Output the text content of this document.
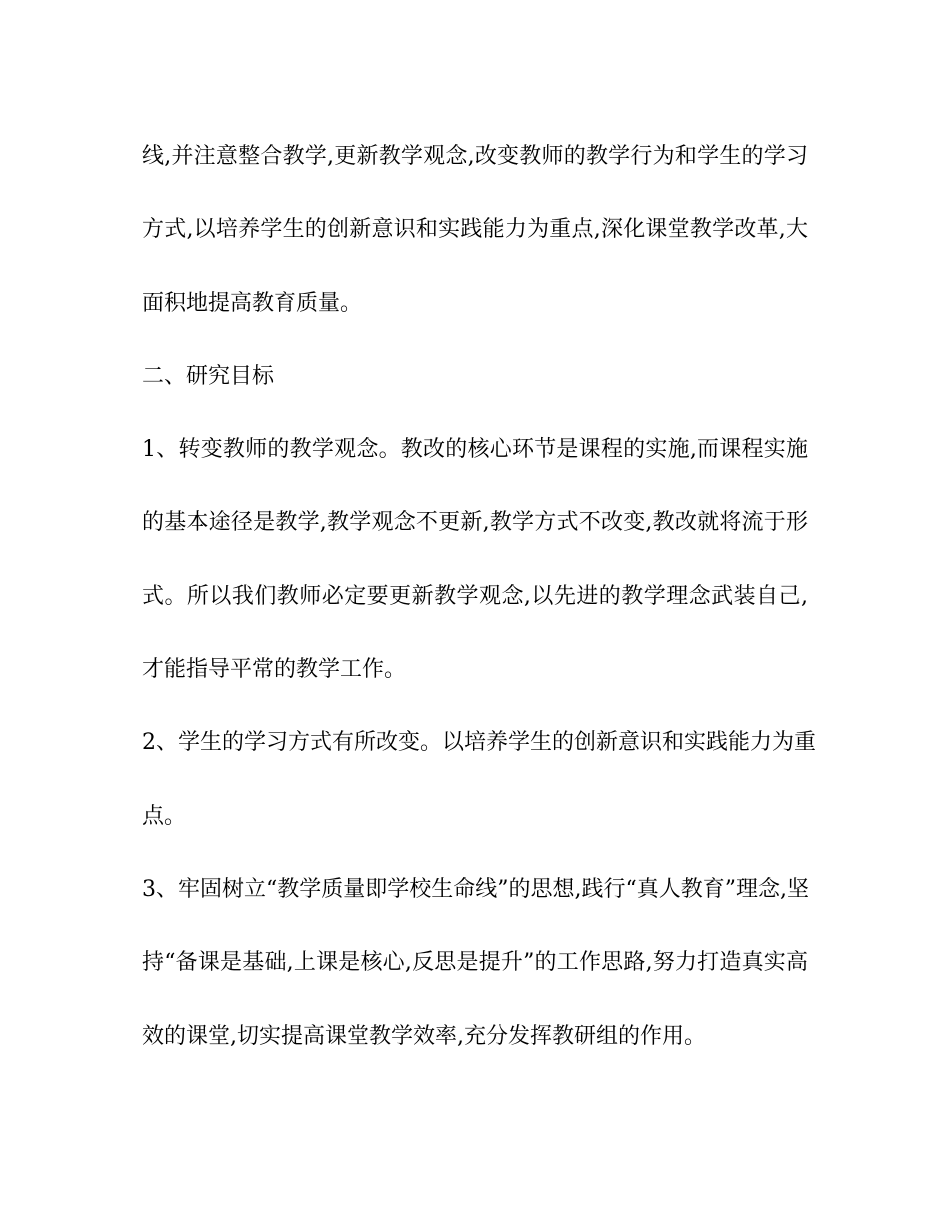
线,并注意整合教学,更新教学观念,改变教师的教学行为和学生的学习
方式,以培养学生的创新意识和实践能力为重点,深化课堂教学改革,大
面积地提高教育质量。
二、研究目标
1、转变教师的教学观念。教改的核心环节是课程的实施,而课程实施
的基本途径是教学,教学观念不更新,教学方式不改变,教改就将流于形
式。所以我们教师必定要更新教学观念,以先进的教学理念武装自己,
才能指导平常的教学工作。
2、学生的学习方式有所改变。以培养学生的创新意识和实践能力为重
点。
3、牢固树立“教学质量即学校生命线”的思想,践行“真人教育”理念,坚
持“备课是基础,上课是核心,反思是提升”的工作思路,努力打造真实高
效的课堂,切实提高课堂教学效率,充分发挥教研组的作用。
